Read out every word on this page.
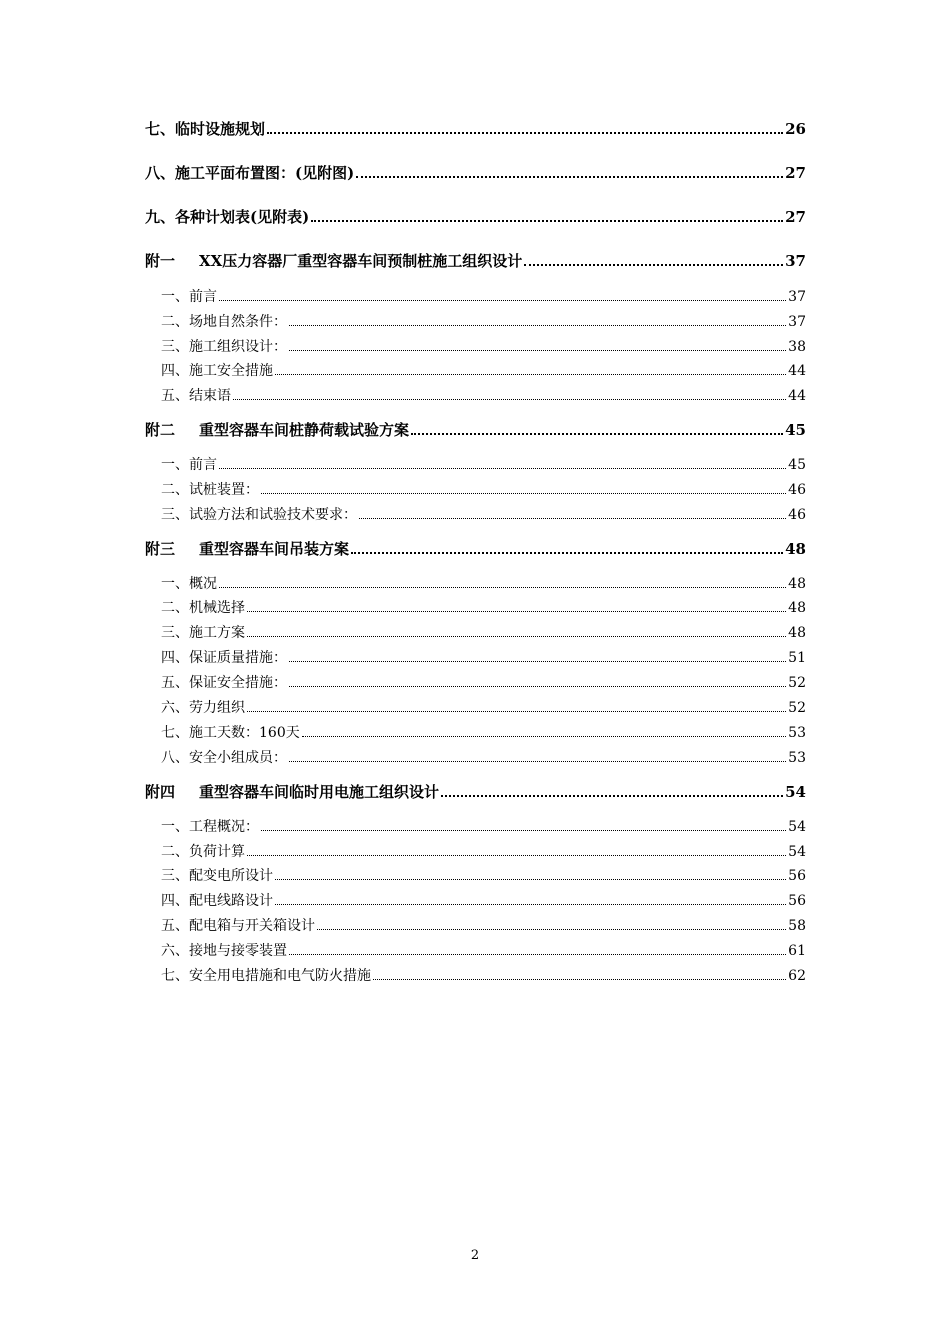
七、 临时设施规划	26
八、 施工平面布置图：(见附图)	27
九、 各种计划表(见附表)	27
附一 XX压力容器厂重型容器车间预制桩施工组织设计	37
一、 前言	37
二、 场地自然条件：	37
三、 施工组织设计：	38
四、 施工安全措施	44
五、 结束语	44
附二 重型容器车间桩静荷载试验方案	45
一、 前言	45
二、 试桩装置：	46
三、 试验方法和试验技术要求：	46
附三 重型容器车间吊装方案	48
一、 概况	48
二、 机械选择	48
三、 施工方案	48
四、 保证质量措施：	51
五、 保证安全措施：	52
六、 劳力组织	52
七、 施工天数：160天	53
八、 安全小组成员：	53
附四 重型容器车间临时用电施工组织设计	54
一、 工程概况：	54
二、 负荷计算	54
三、 配变电所设计	56
四、 配电线路设计	56
五、 配电箱与开关箱设计	58
六、 接地与接零装置	61
七、 安全用电措施和电气防火措施	62
2
